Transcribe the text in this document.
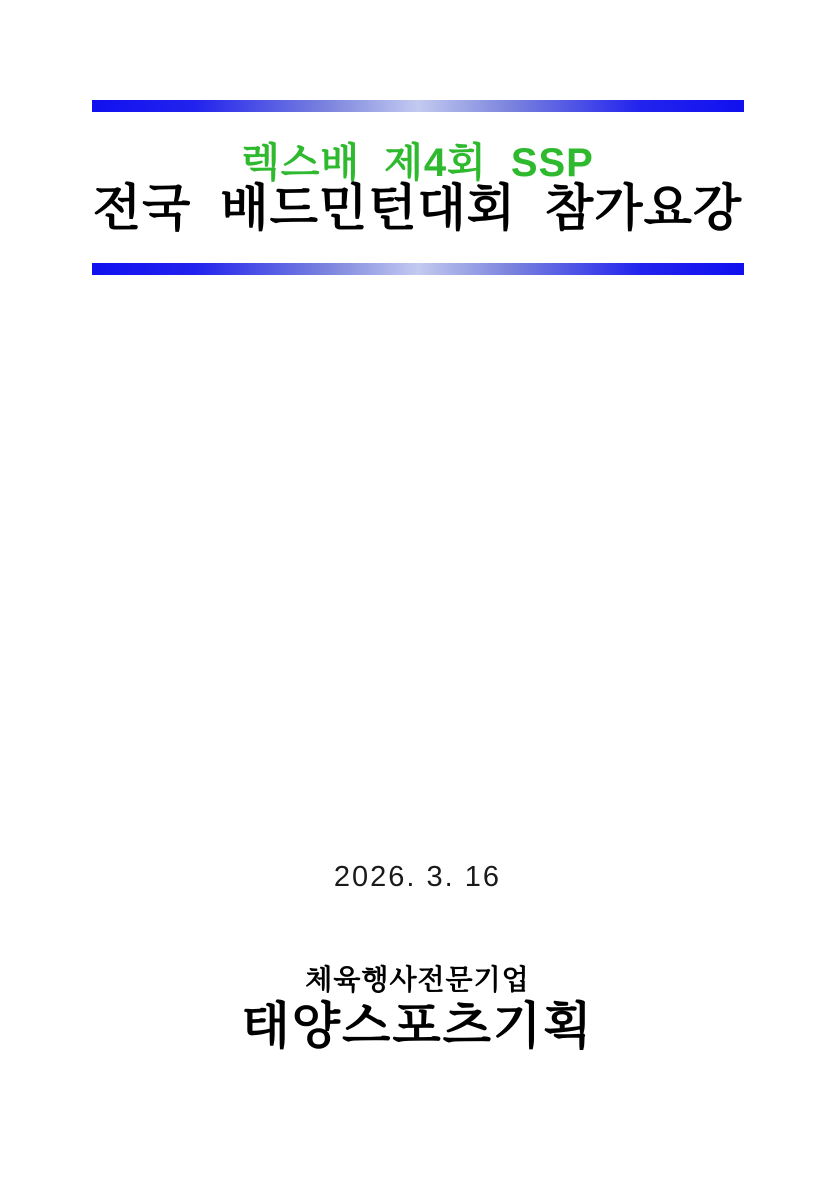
렉스배 제4회 SSP
전국 배드민턴대회 참가요강
2026. 3. 16
체육행사전문기업
태양스포츠기획
